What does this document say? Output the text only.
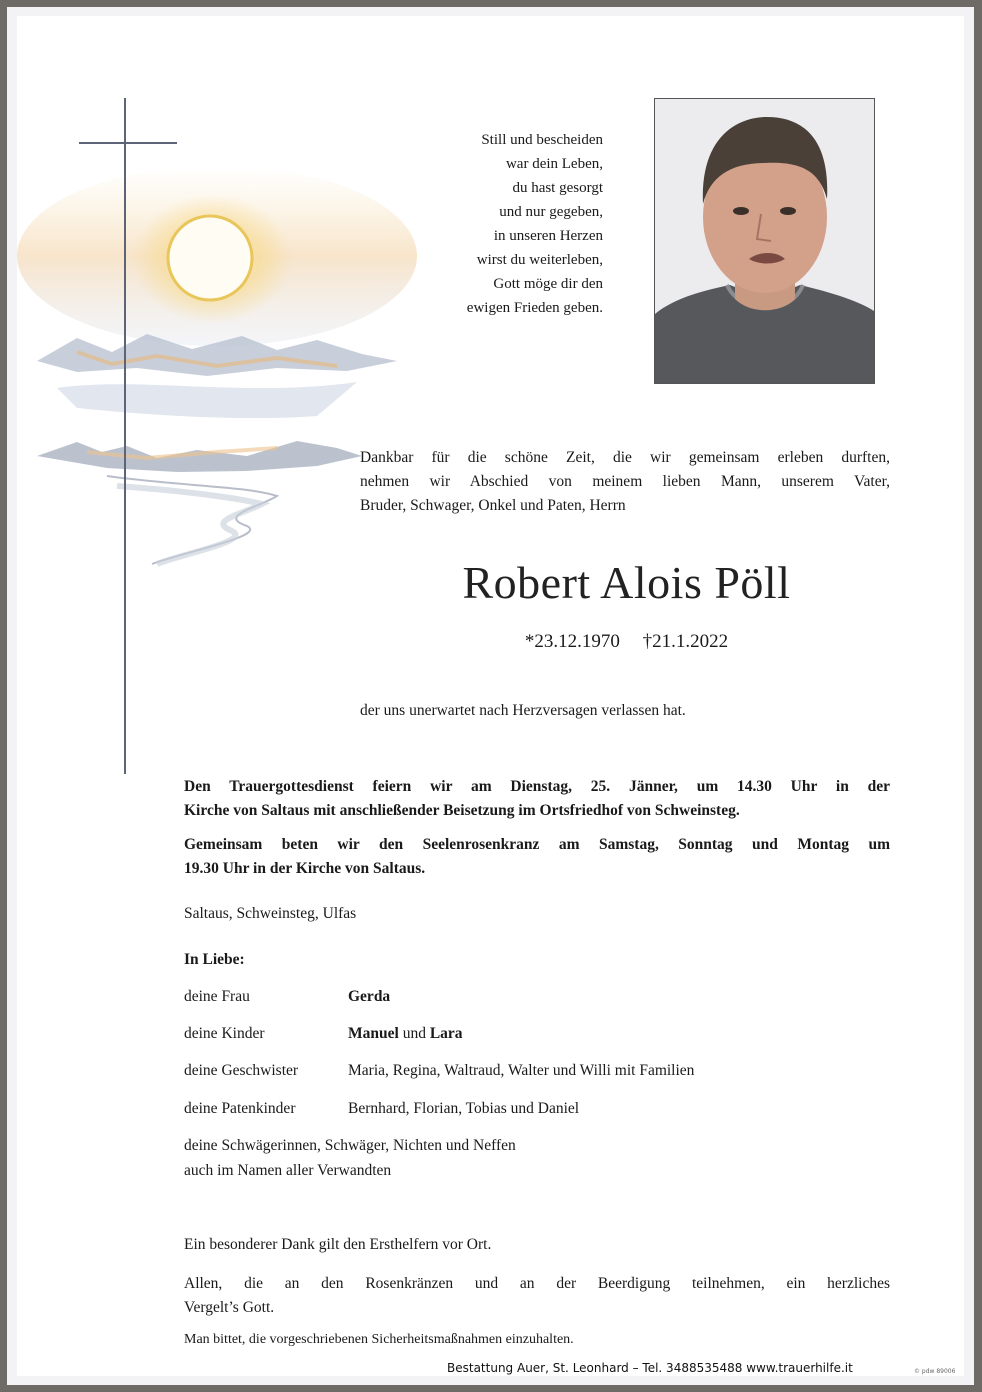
Still und bescheiden
war dein Leben,
du hast gesorgt
und nur gegeben,
in unseren Herzen
wirst du weiterleben,
Gott möge dir den
ewigen Frieden geben.
Dankbar für die schöne Zeit, die wir gemeinsam erleben durften,
nehmen wir Abschied von meinem lieben Mann, unserem Vater,
Bruder, Schwager, Onkel und Paten, Herrn
Robert Alois Pöll
*23.12.1970 †21.1.2022
der uns unerwartet nach Herzversagen verlassen hat.
Den Trauergottesdienst feiern wir am Dienstag, 25. Jänner, um 14.30 Uhr in der
Kirche von Saltaus mit anschließender Beisetzung im Ortsfriedhof von Schweinsteg.
Gemeinsam beten wir den Seelenrosenkranz am Samstag, Sonntag und Montag um
19.30 Uhr in der Kirche von Saltaus.
Saltaus, Schweinsteg, Ulfas
In Liebe:
deine Frau	Gerda
deine Kinder	Manuel und Lara
deine Geschwister	Maria, Regina, Waltraud, Walter und Willi mit Familien
deine Patenkinder	Bernhard, Florian, Tobias und Daniel
deine Schwägerinnen, Schwäger, Nichten und Neffen
auch im Namen aller Verwandten
Ein besonderer Dank gilt den Ersthelfern vor Ort.
Allen, die an den Rosenkränzen und an der Beerdigung teilnehmen, ein herzliches
Vergelt’s Gott.
Man bittet, die vorgeschriebenen Sicherheitsmaßnahmen einzuhalten.
Bestattung Auer, St. Leonhard – Tel. 3488535488 www.trauerhilfe.it	© pdw 89006
